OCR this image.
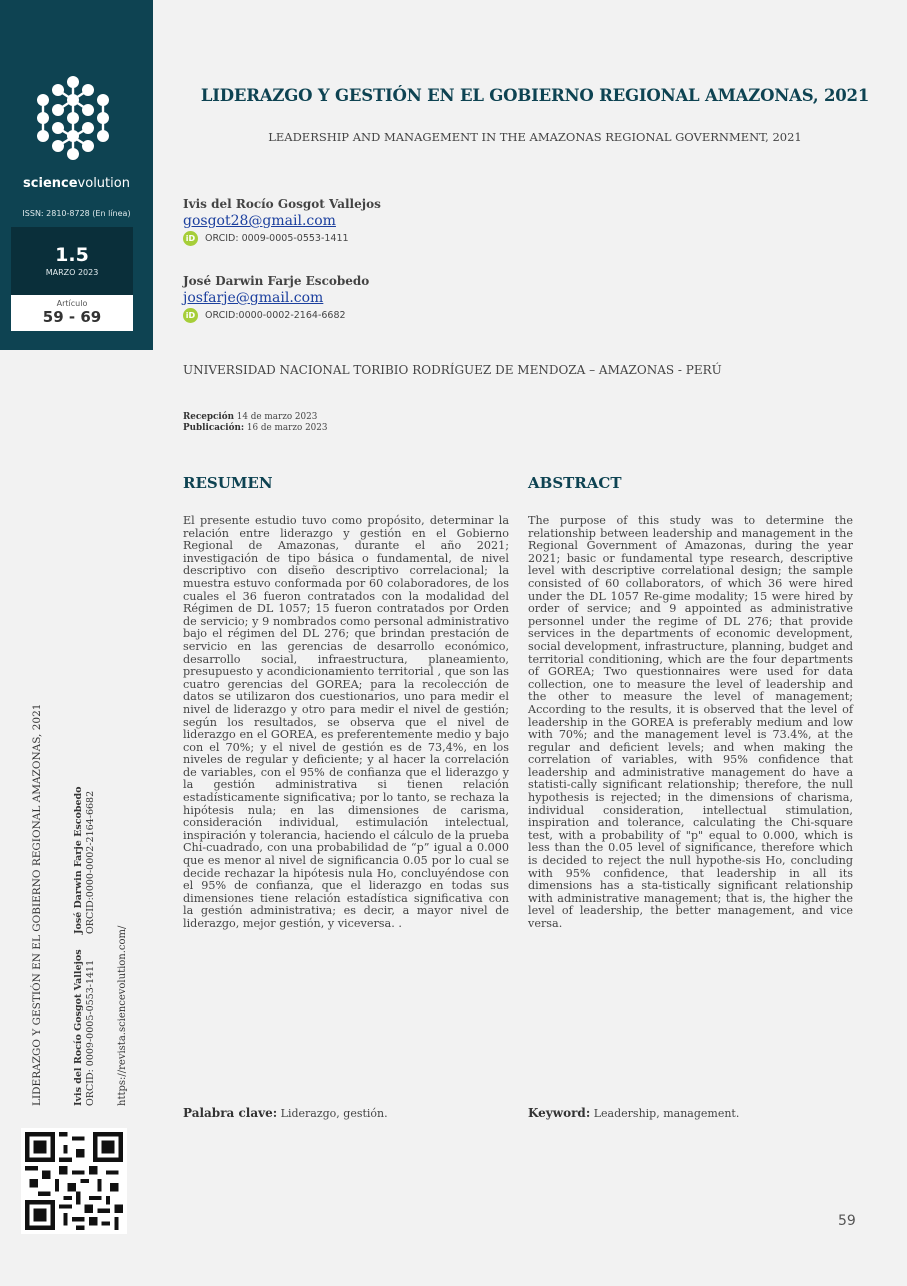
sciencevolution
ISSN: 2810-8728 (En línea)
1.5
MARZO 2023
Artículo
59 - 69
LIDERAZGO Y GESTIÓN EN EL GOBIERNO REGIONAL AMAZONAS, 2021
LEADERSHIP AND MANAGEMENT IN THE AMAZONAS REGIONAL GOVERNMENT, 2021
Ivis del Rocío Gosgot Vallejos
gosgot28@gmail.com
iD ORCID: 0009-0005-0553-1411
José Darwin Farje Escobedo
josfarje@gmail.com
iD ORCID:0000-0002-2164-6682
UNIVERSIDAD NACIONAL TORIBIO RODRÍGUEZ DE MENDOZA – AMAZONAS - PERÚ
Recepción 14 de marzo 2023
Publicación: 16 de marzo 2023
RESUMEN
El presente estudio tuvo como propósito, determinar la relación entre liderazgo y gestión en el Gobierno Regional de Amazonas, durante el año 2021; investigación de tipo básica o fundamental, de nivel descriptivo con diseño descriptivo correlacional; la muestra estuvo conformada por 60 colaboradores, de los cuales el 36 fueron contratados con la modalidad del Régimen de DL 1057; 15 fueron contratados por Orden de servicio; y 9 nombrados como personal administrativo bajo el régimen del DL 276; que brindan prestación de servicio en las gerencias de desarrollo económico, desarrollo social, infraestructura, planeamiento, presupuesto y acondicionamiento territorial , que son las cuatro gerencias del GOREA; para la recolección de datos se utilizaron dos cuestionarios, uno para medir el nivel de liderazgo y otro para medir el nivel de gestión; según los resultados, se observa que el nivel de liderazgo en el GOREA, es preferentemente medio y bajo con el 70%; y el nivel de gestión es de 73,4%, en los niveles de regular y deficiente; y al hacer la correlación de variables, con el 95% de confianza que el liderazgo y la gestión administrativa si tienen relación estadísticamente significativa; por lo tanto, se rechaza la hipótesis nula; en las dimensiones de carisma, consideración individual, estimulación intelectual, inspiración y tolerancia, haciendo el cálculo de la prueba Chi-cuadrado, con una probabilidad de “p” igual a 0.000 que es menor al nivel de significancia 0.05 por lo cual se decide rechazar la hipótesis nula Ho, concluyéndose con el 95% de confianza, que el liderazgo en todas sus dimensiones tiene relación estadística significativa con la gestión administrativa; es decir, a mayor nivel de liderazgo, mejor gestión, y viceversa. .
Palabra clave: Liderazgo, gestión.
ABSTRACT
The purpose of this study was to determine the relationship between leadership and management in the Regional Government of Amazonas, during the year 2021; basic or fundamental type research, descriptive level with descriptive correlational design; the sample consisted of 60 collaborators, of which 36 were hired under the DL 1057 Re-gime modality; 15 were hired by order of service; and 9 appointed as administrative personnel under the regime of DL 276; that provide services in the departments of economic development, social development, infrastructure, planning, budget and territorial conditioning, which are the four departments of GOREA; Two questionnaires were used for data collection, one to measure the level of leadership and the other to measure the level of management; According to the results, it is observed that the level of leadership in the GOREA is preferably medium and low with 70%; and the management level is 73.4%, at the regular and deficient levels; and when making the correlation of variables, with 95% confidence that leadership and administrative management do have a statisti-cally significant relationship; therefore, the null hypothesis is rejected; in the dimensions of charisma, individual consideration, intellectual stimulation, inspiration and tolerance, calculating the Chi-square test, with a probability of "p" equal to 0.000, which is less than the 0.05 level of significance, therefore which is decided to reject the null hypothe-sis Ho, concluding with 95% confidence, that leadership in all its dimensions has a sta-tistically significant relationship with administrative management; that is, the higher the level of leadership, the better management, and vice versa.
Keyword: Leadership, management.
LIDERAZGO Y GESTIÓN EN EL GOBIERNO REGIONAL AMAZONAS, 2021	Ivis del Rocío Gosgot Vallejos ORCID: 0009-0005-0553-1411
José Darwin Farje Escobedo ORCID:0000-0002-2164-6682
https://revista.sciencevolution.com/
59
